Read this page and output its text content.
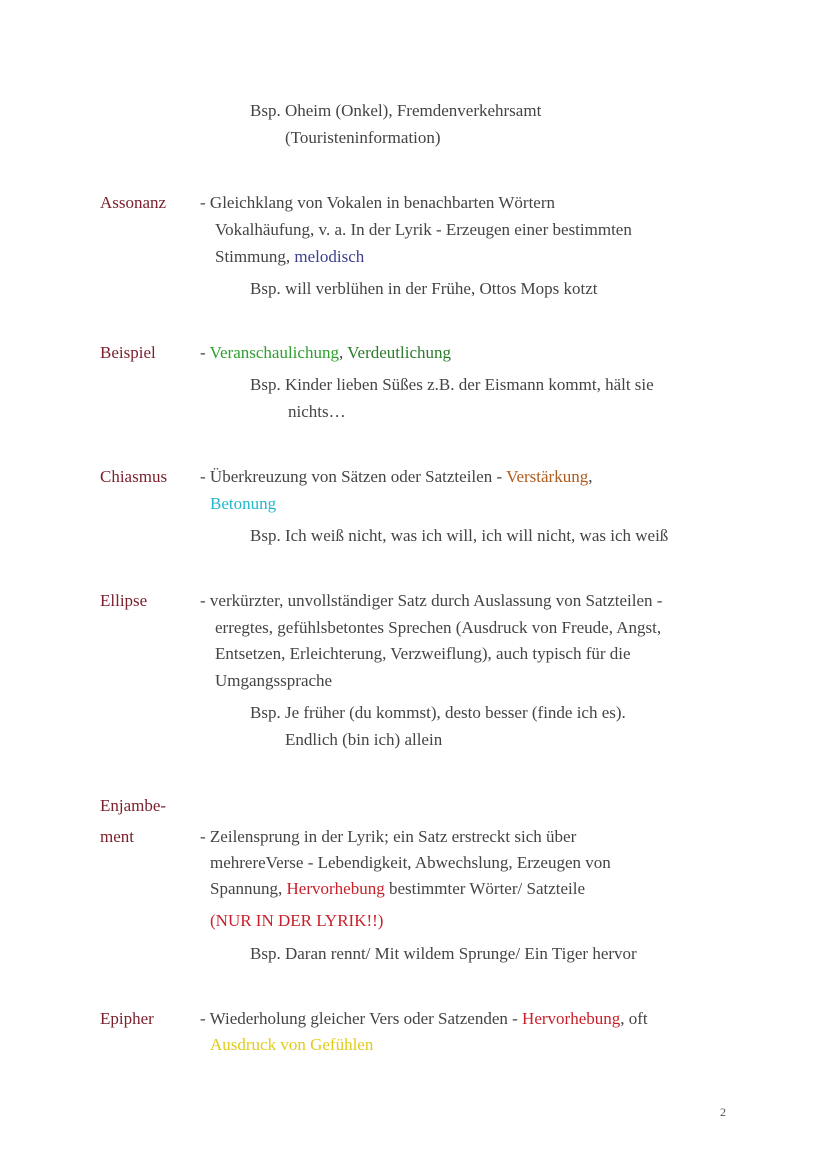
Bsp. Oheim (Onkel), Fremdenverkehrsamt
(Touristeninformation)
Assonanz - Gleichklang von Vokalen in benachbarten Wörtern
Vokalhäufung, v. a. In der Lyrik - Erzeugen einer bestimmten
Stimmung, melodisch
Bsp. will verblühen in der Frühe, Ottos Mops kotzt
Beispiel	- Veranschaulichung, Verdeutlichung
Bsp. Kinder lieben Süßes z.B. der Eismann kommt, hält sie
nichts…
Chiasmus - Überkreuzung von Sätzen oder Satzteilen - Verstärkung,
Betonung
Bsp. Ich weiß nicht, was ich will, ich will nicht, was ich weiß
Ellipse	- verkürzter, unvollständiger Satz durch Auslassung von Satzteilen -
erregtes, gefühlsbetontes Sprechen (Ausdruck von Freude, Angst,
Entsetzen, Erleichterung, Verzweiflung), auch typisch für die
Umgangssprache
Bsp. Je früher (du kommst), desto besser (finde ich es).
Endlich (bin ich) allein
Enjambe-
ment	- Zeilensprung in der Lyrik; ein Satz erstreckt sich über
mehrereVerse - Lebendigkeit, Abwechslung, Erzeugen von
Spannung, Hervorhebung bestimmter Wörter/ Satzteile
(NUR IN DER LYRIK!!)
Bsp. Daran rennt/ Mit wildem Sprunge/ Ein Tiger hervor
Epipher	- Wiederholung gleicher Vers oder Satzenden - Hervorhebung, oft
Ausdruck von Gefühlen
2
